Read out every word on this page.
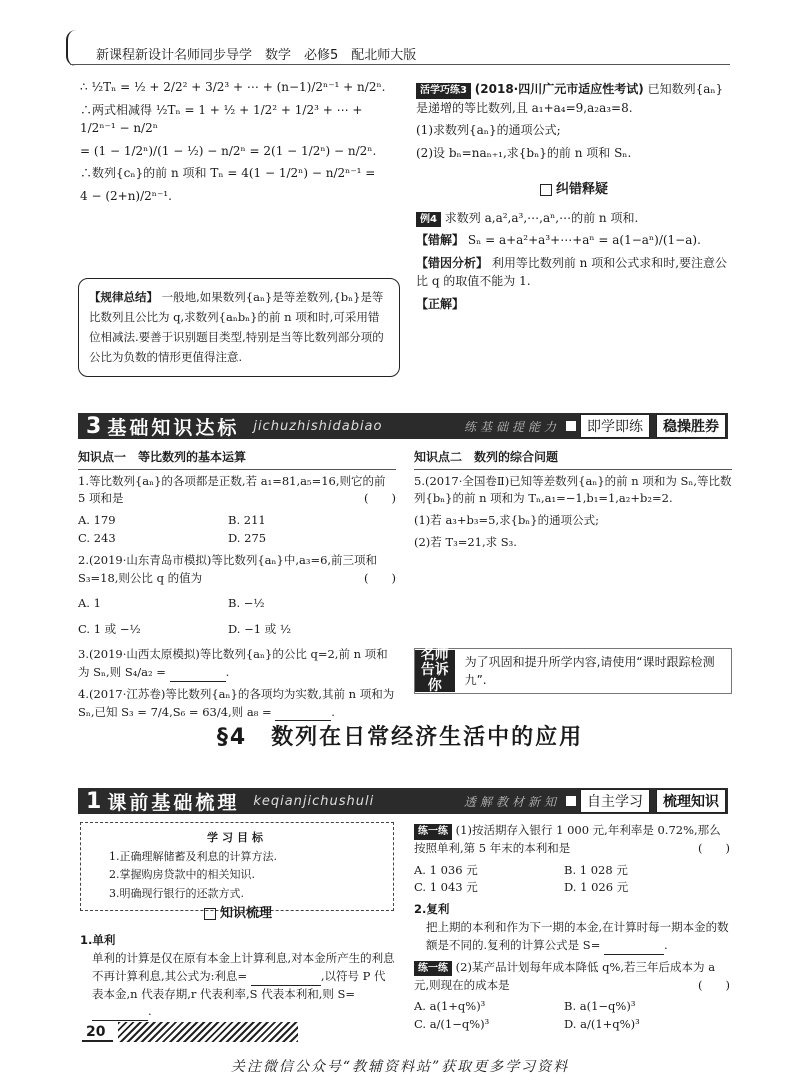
新课程新设计名师同步导学　数学　必修5　配北师大版

∴ ½Tₙ = ½ + 2/2² + 3/2³ + ⋯ + (n−1)/2ⁿ⁻¹ + n/2ⁿ.

∴两式相减得 ½Tₙ = 1 + ½ + 1/2² + 1/2³ + ⋯ + 1/2ⁿ⁻¹ − n/2ⁿ

= (1 − 1/2ⁿ)/(1 − ½) − n/2ⁿ = 2(1 − 1/2ⁿ) − n/2ⁿ.

∴数列{cₙ}的前 n 项和 Tₙ = 4(1 − 1/2ⁿ) − n/2ⁿ⁻¹ =

4 − (2+n)/2ⁿ⁻¹.

【规律总结】 一般地,如果数列{aₙ}是等差数列,{bₙ}是等比数列且公比为 q,求数列{aₙbₙ}的前 n 项和时,可采用错位相减法.要善于识别题目类型,特别是当等比数列部分项的公比为负数的情形更值得注意.

活学巧练3 (2018·四川广元市适应性考试) 已知数列{aₙ}是递增的等比数列,且 a₁+a₄=9,a₂a₃=8.

(1)求数列{aₙ}的通项公式;

(2)设 bₙ=naₙ₊₁,求{bₙ}的前 n 项和 Sₙ.

纠错释疑

例4 求数列 a,a²,a³,⋯,aⁿ,⋯的前 n 项和.

【错解】 Sₙ = a+a²+a³+⋯+aⁿ = a(1−aⁿ)/(1−a).

【错因分析】 利用等比数列前 n 项和公式求和时,要注意公比 q 的取值不能为 1.

【正解】

3 基础知识达标 jichuzhishidabiao	练基础提能力	即学即练	稳操胜券
知识点一　等比数列的基本运算

1.等比数列{aₙ}的各项都是正数,若 a₁=81,a₅=16,则它的前 5 项和是	(　　)

A. 179	B. 211
C. 243	D. 275

2.(2019·山东青岛市模拟)等比数列{aₙ}中,a₃=6,前三项和 S₃=18,则公比 q 的值为	(　　)

A. 1	B. −½
C. 1 或 −½	D. −1 或 ½

3.(2019·山西太原模拟)等比数列{aₙ}的公比 q=2,前 n 项和为 Sₙ,则 S₄/a₂ =	.

4.(2017·江苏卷)等比数列{aₙ}的各项均为实数,其前 n 项和为 Sₙ,已知 S₃ = 7/4,S₆ = 63/4,则 a₈ =	.

知识点二　数列的综合问题

5.(2017·全国卷Ⅱ)已知等差数列{aₙ}的前 n 项和为 Sₙ,等比数列{bₙ}的前 n 项和为 Tₙ,a₁=−1,b₁=1,a₂+b₂=2.

(1)若 a₃+b₃=5,求{bₙ}的通项公式;

(2)若 T₃=21,求 S₃.

名师告诉你
为了巩固和提升所学内容,请使用“课时跟踪检测九”.
§4　数列在日常经济生活中的应用
1 课前基础梳理 keqianjichushuli	透解教材新知	自主学习	梳理知识
学习目标
1.正确理解储蓄及利息的计算方法.
2.掌握购房贷款中的相关知识.
3.明确现行银行的还款方式.
知识梳理
1.单利

单利的计算是仅在原有本金上计算利息,对本金所产生的利息不再计算利息,其公式为:利息=	,以符号 P 代表本金,n 代表存期,r 代表利率,S 代表本利和,则 S= .

练一练 (1)按活期存入银行 1 000 元,年利率是 0.72%,那么按照单利,第 5 年末的本利和是	(　　)

A. 1 036 元	B. 1 028 元
C. 1 043 元	D. 1 026 元

2.复利

把上期的本利和作为下一期的本金,在计算时每一期本金的数额是不同的.复利的计算公式是 S=	.

练一练 (2)某产品计划每年成本降低 q%,若三年后成本为 a 元,则现在的成本是	(　　)

A. a(1+q%)³	B. a(1−q%)³
C. a/(1−q%)³	D. a/(1+q%)³

20
关注微信公众号“教辅资料站”获取更多学习资料
